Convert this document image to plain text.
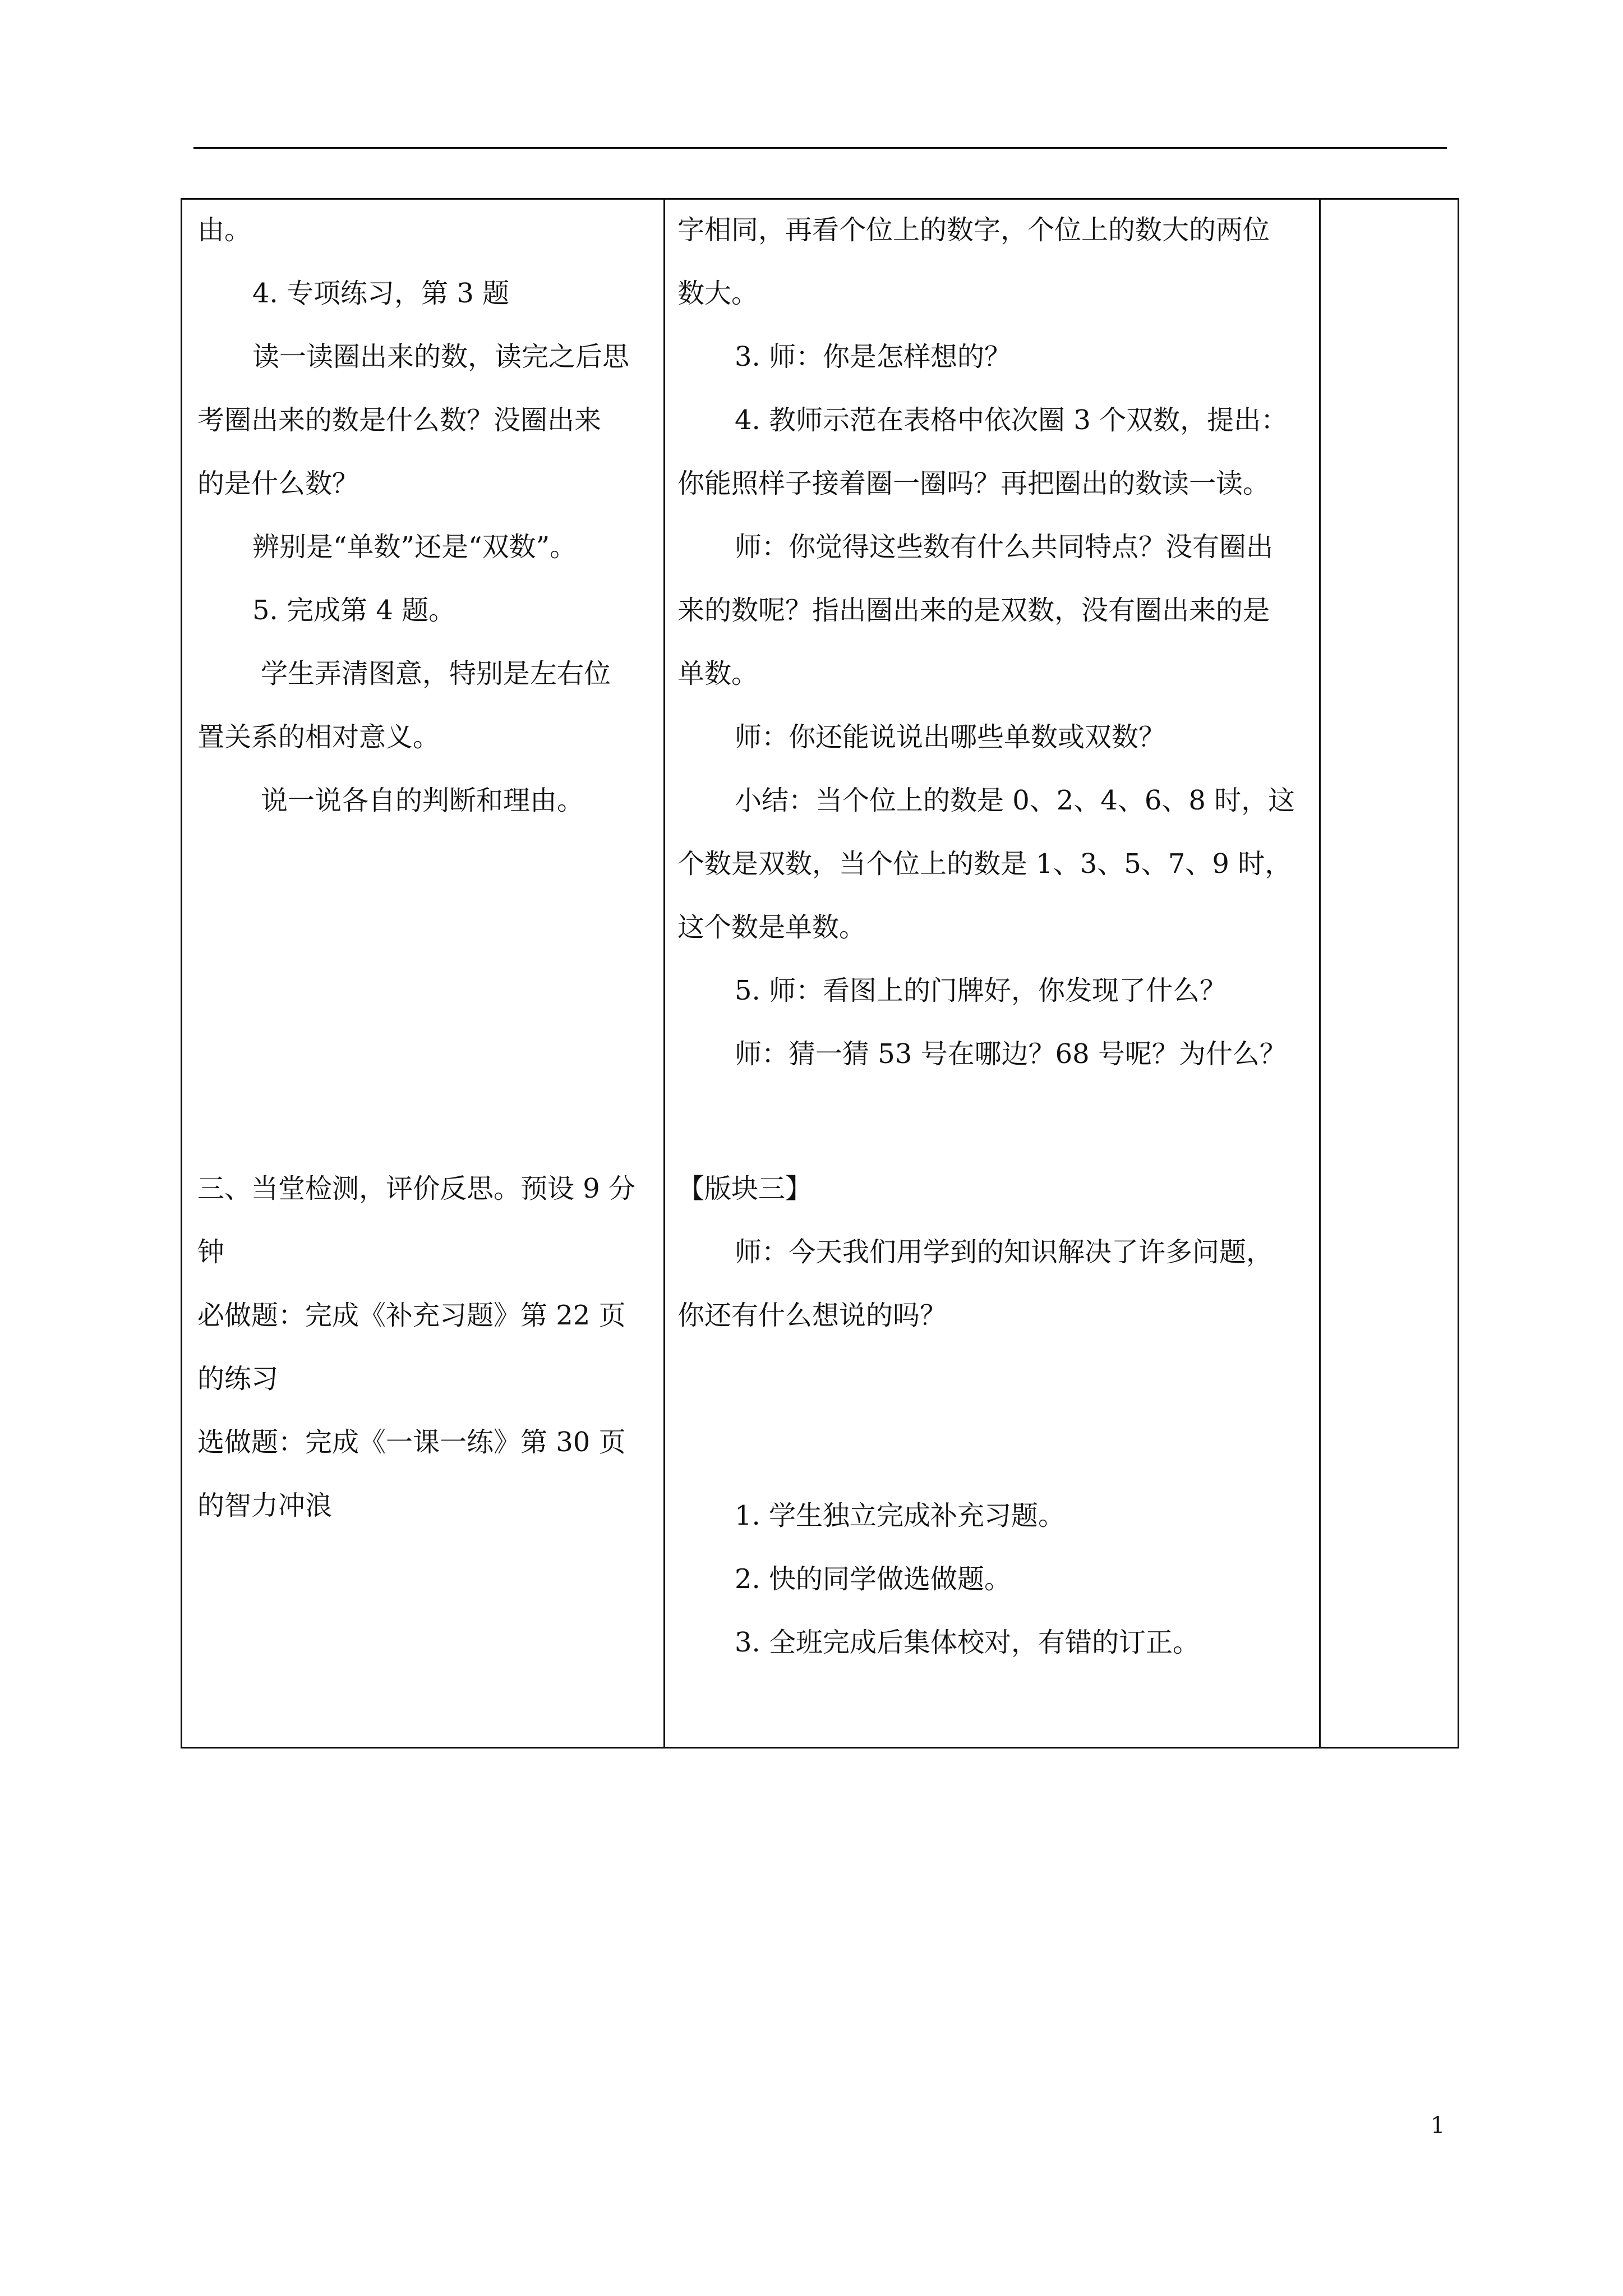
由。
4. 专项练习，第 3 题
读一读圈出来的数，读完之后思
考圈出来的数是什么数？没圈出来
的是什么数？
辨别是“单数”还是“双数”。
5. 完成第 4 题。
学生弄清图意，特别是左右位
置关系的相对意义。
说一说各自的判断和理由。
三、当堂检测，评价反思。预设 9 分
钟
必做题：完成《补充习题》第 22 页
的练习
选做题：完成《一课一练》第 30 页
的智力冲浪
字相同，再看个位上的数字，个位上的数大的两位
数大。
3. 师：你是怎样想的？
4. 教师示范在表格中依次圈 3 个双数，提出：
你能照样子接着圈一圈吗？再把圈出的数读一读。
师：你觉得这些数有什么共同特点？没有圈出
来的数呢？指出圈出来的是双数，没有圈出来的是
单数。
师：你还能说说出哪些单数或双数？
小结：当个位上的数是 0、2、4、6、8 时，这
个数是双数，当个位上的数是 1、3、5、7、9 时，
这个数是单数。
5. 师：看图上的门牌好，你发现了什么？
师：猜一猜 53 号在哪边？68 号呢？为什么？
【版块三】
师：今天我们用学到的知识解决了许多问题，
你还有什么想说的吗？
1. 学生独立完成补充习题。
2. 快的同学做选做题。
3. 全班完成后集体校对，有错的订正。
1
